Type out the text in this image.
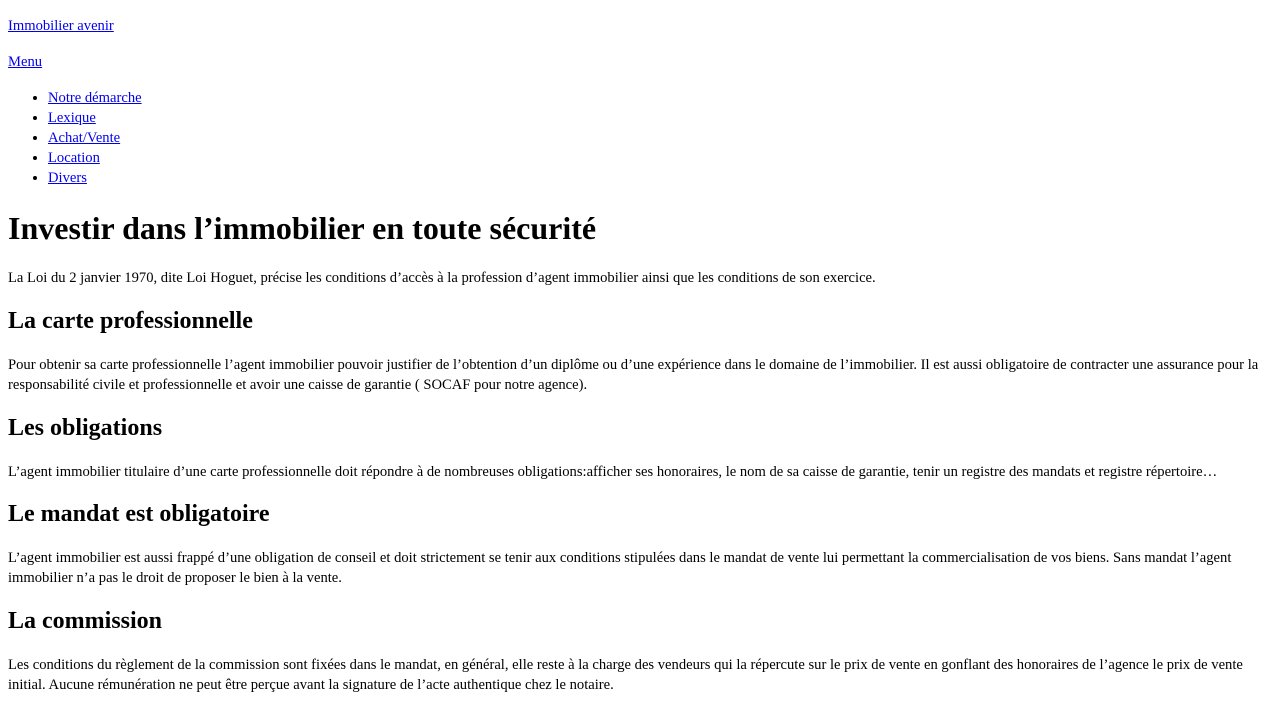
Immobilier avenir

Menu

• Notre démarche
• Lexique
• Achat/Vente
• Location
• Divers
Investir dans l’immobilier en toute sécurité

La Loi du 2 janvier 1970, dite Loi Hoguet, précise les conditions d’accès à la profession d’agent immobilier ainsi que les conditions de son exercice.

La carte professionnelle

Pour obtenir sa carte professionnelle l’agent immobilier pouvoir justifier de l’obtention d’un diplôme ou d’une expérience dans le domaine de l’immobilier. Il est aussi obligatoire de contracter une assurance pour la responsabilité civile et professionnelle et avoir une caisse de garantie ( SOCAF pour notre agence).

Les obligations

L’agent immobilier titulaire d’une carte professionnelle doit répondre à de nombreuses obligations:afficher ses honoraires, le nom de sa caisse de garantie, tenir un registre des mandats et registre répertoire…

Le mandat est obligatoire

L’agent immobilier est aussi frappé d’une obligation de conseil et doit strictement se tenir aux conditions stipulées dans le mandat de vente lui permettant la commercialisation de vos biens. Sans mandat l’agent immobilier n’a pas le droit de proposer le bien à la vente.

La commission

Les conditions du règlement de la commission sont fixées dans le mandat, en général, elle reste à la charge des vendeurs qui la répercute sur le prix de vente en gonflant des honoraires de l’agence le prix de vente initial. Aucune rémunération ne peut être perçue avant la signature de l’acte authentique chez le notaire.
